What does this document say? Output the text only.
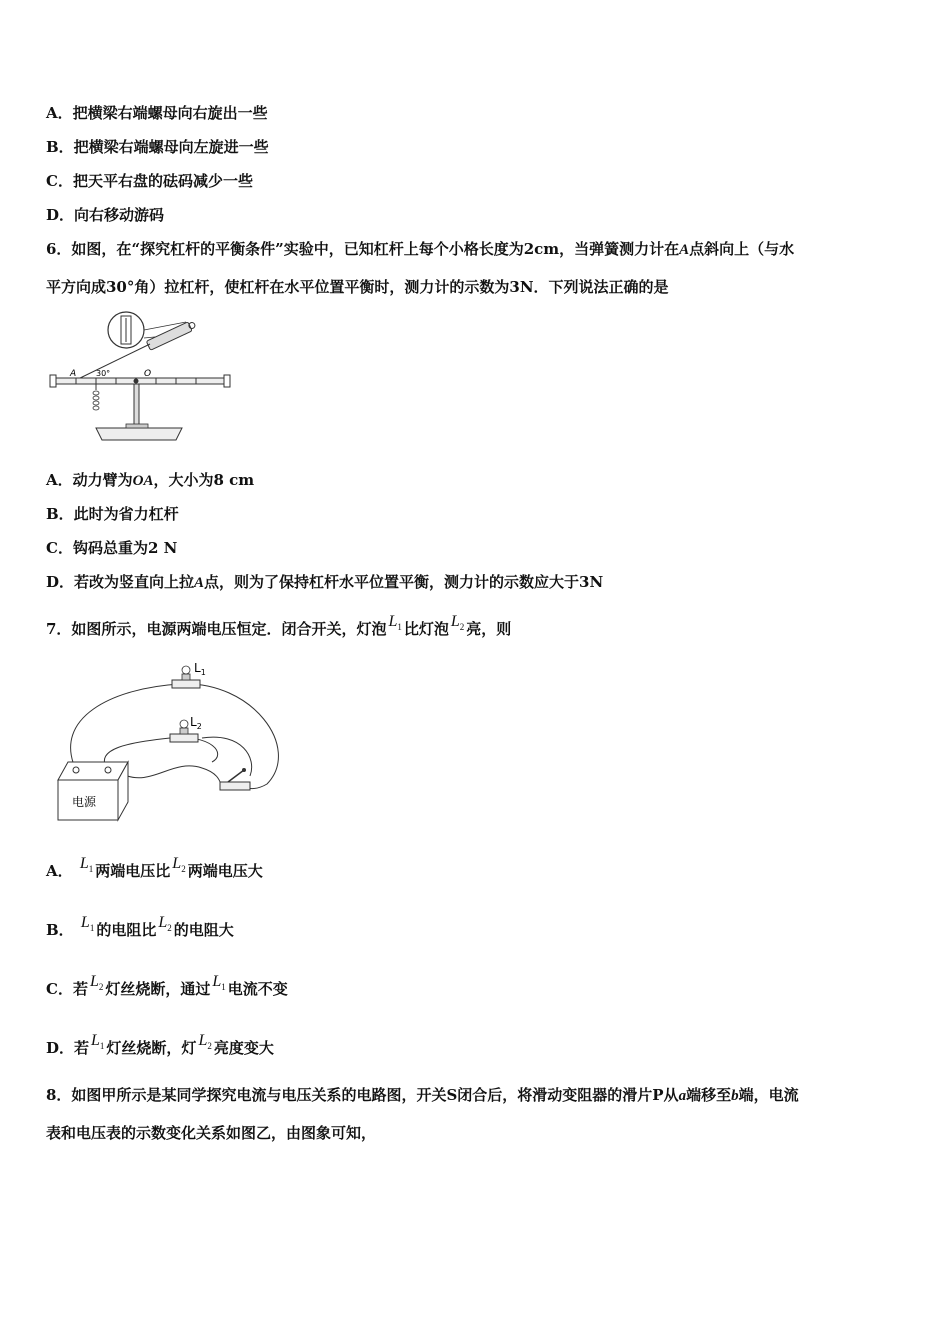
A．把横梁右端螺母向右旋出一些
B．把横梁右端螺母向左旋进一些
C．把天平右盘的砝码减少一些
D．向右移动游码
6．如图，在“探究杠杆的平衡条件”实验中，已知杠杆上每个小格长度为2cm，当弹簧测力计在A点斜向上（与水
平方向成30°角）拉杠杆，使杠杆在水平位置平衡时，测力计的示数为3N．下列说法正确的是
A 30°	O
A．动力臂为OA，大小为8 cm
B．此时为省力杠杆
C．钩码总重为2 N
D．若改为竖直向上拉A点，则为了保持杠杆水平位置平衡，测力计的示数应大于3N
7．如图所示，电源两端电压恒定．闭合开关，灯泡 $L_1$ 比灯泡 $L_2$ 亮，则
$L_1$
$L_2$
电源
A． $L_1$ 两端电压比 $L_2$ 两端电压大
B． $L_1$ 的电阻比 $L_2$ 的电阻大
C．若 $L_2$ 灯丝烧断，通过 $L_1$ 电流不变
D．若 $L_1$ 灯丝烧断，灯 $L_2$ 亮度变大
8．如图甲所示是某同学探究电流与电压关系的电路图，开关S闭合后，将滑动变阻器的滑片P从a端移至b端，电流
表和电压表的示数变化关系如图乙，由图象可知，
